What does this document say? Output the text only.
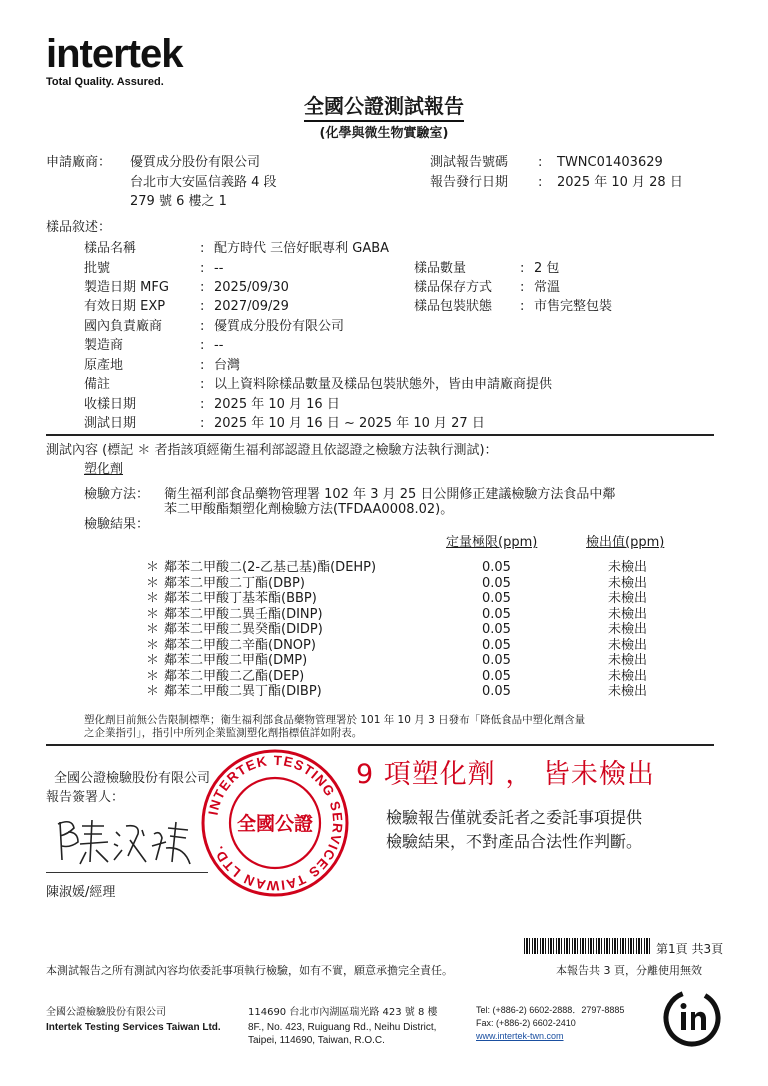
intertek
Total Quality. Assured.
全國公證測試報告
(化學與微生物實驗室)
申請廠商： 優質成分股份有限公司
台北市大安區信義路 4 段
279 號 6 樓之 1
測試報告號碼 : TWNC01403629
報告發行日期 : 2025 年 10 月 28 日
樣品敘述：
樣品名稱	: 配方時代 三倍好眠專利 GABA
批號	: --
製造日期 MFG : 2025/09/30
有效日期 EXP	: 2027/09/29
國內負責廠商	: 優質成分股份有限公司
製造商	: --
原產地	: 台灣
備註	: 以上資料除樣品數量及樣品包裝狀態外，皆由申請廠商提供
收樣日期	: 2025 年 10 月 16 日
測試日期	: 2025 年 10 月 16 日 ~ 2025 年 10 月 27 日
樣品數量	: 2 包
樣品保存方式 : 常溫
樣品包裝狀態 : 市售完整包裝
測試內容 (標記 ＊ 者指該項經衛生福利部認證且依認證之檢驗方法執行測試)：
塑化劑
檢驗方法： 衛生福利部食品藥物管理署 102 年 3 月 25 日公開修正建議檢驗方法食品中鄰
苯二甲酸酯類塑化劑檢驗方法(TFDAA0008.02)。
檢驗結果：
定量極限(ppm)	檢出值(ppm)
＊ 鄰苯二甲酸二(2-乙基己基)酯(DEHP)	0.05	未檢出
＊ 鄰苯二甲酸二丁酯(DBP)	0.05	未檢出
＊ 鄰苯二甲酸丁基苯酯(BBP)	0.05	未檢出
＊ 鄰苯二甲酸二異壬酯(DINP)	0.05	未檢出
＊ 鄰苯二甲酸二異癸酯(DIDP)	0.05	未檢出
＊ 鄰苯二甲酸二辛酯(DNOP)	0.05	未檢出
＊ 鄰苯二甲酸二甲酯(DMP)	0.05	未檢出
＊ 鄰苯二甲酸二乙酯(DEP)	0.05	未檢出
＊ 鄰苯二甲酸二異丁酯(DIBP)	0.05	未檢出
塑化劑目前無公告限制標準；衛生福利部食品藥物管理署於 101 年 10 月 3 日發布「降低食品中塑化劑含量
之企業指引」，指引中所列企業監測塑化劑指標值詳如附表。
全國公證檢驗股份有限公司
報告簽署人：
陳淑媛/經理
INTERTEK TESTING SERVICES TAIWAN LTD.
全國公證
9 項塑化劑 ， 皆未檢出
檢驗報告僅就委託者之委託事項提供
檢驗結果，不對產品合法性作判斷。
第1頁 共3頁
本測試報告之所有測試內容均依委託事項執行檢驗，如有不實，願意承擔完全責任。	本報告共 3 頁，分離使用無效
全國公證檢驗股份有限公司
Intertek Testing Services Taiwan Ltd.
114690 台北市內湖區瑞光路 423 號 8 樓
8F., No. 423, Ruiguang Rd., Neihu District,
Taipei, 114690, Taiwan, R.O.C.
Tel: (+886-2) 6602-2888．2797-8885
Fax: (+886-2) 6602-2410
www.intertek-twn.com
